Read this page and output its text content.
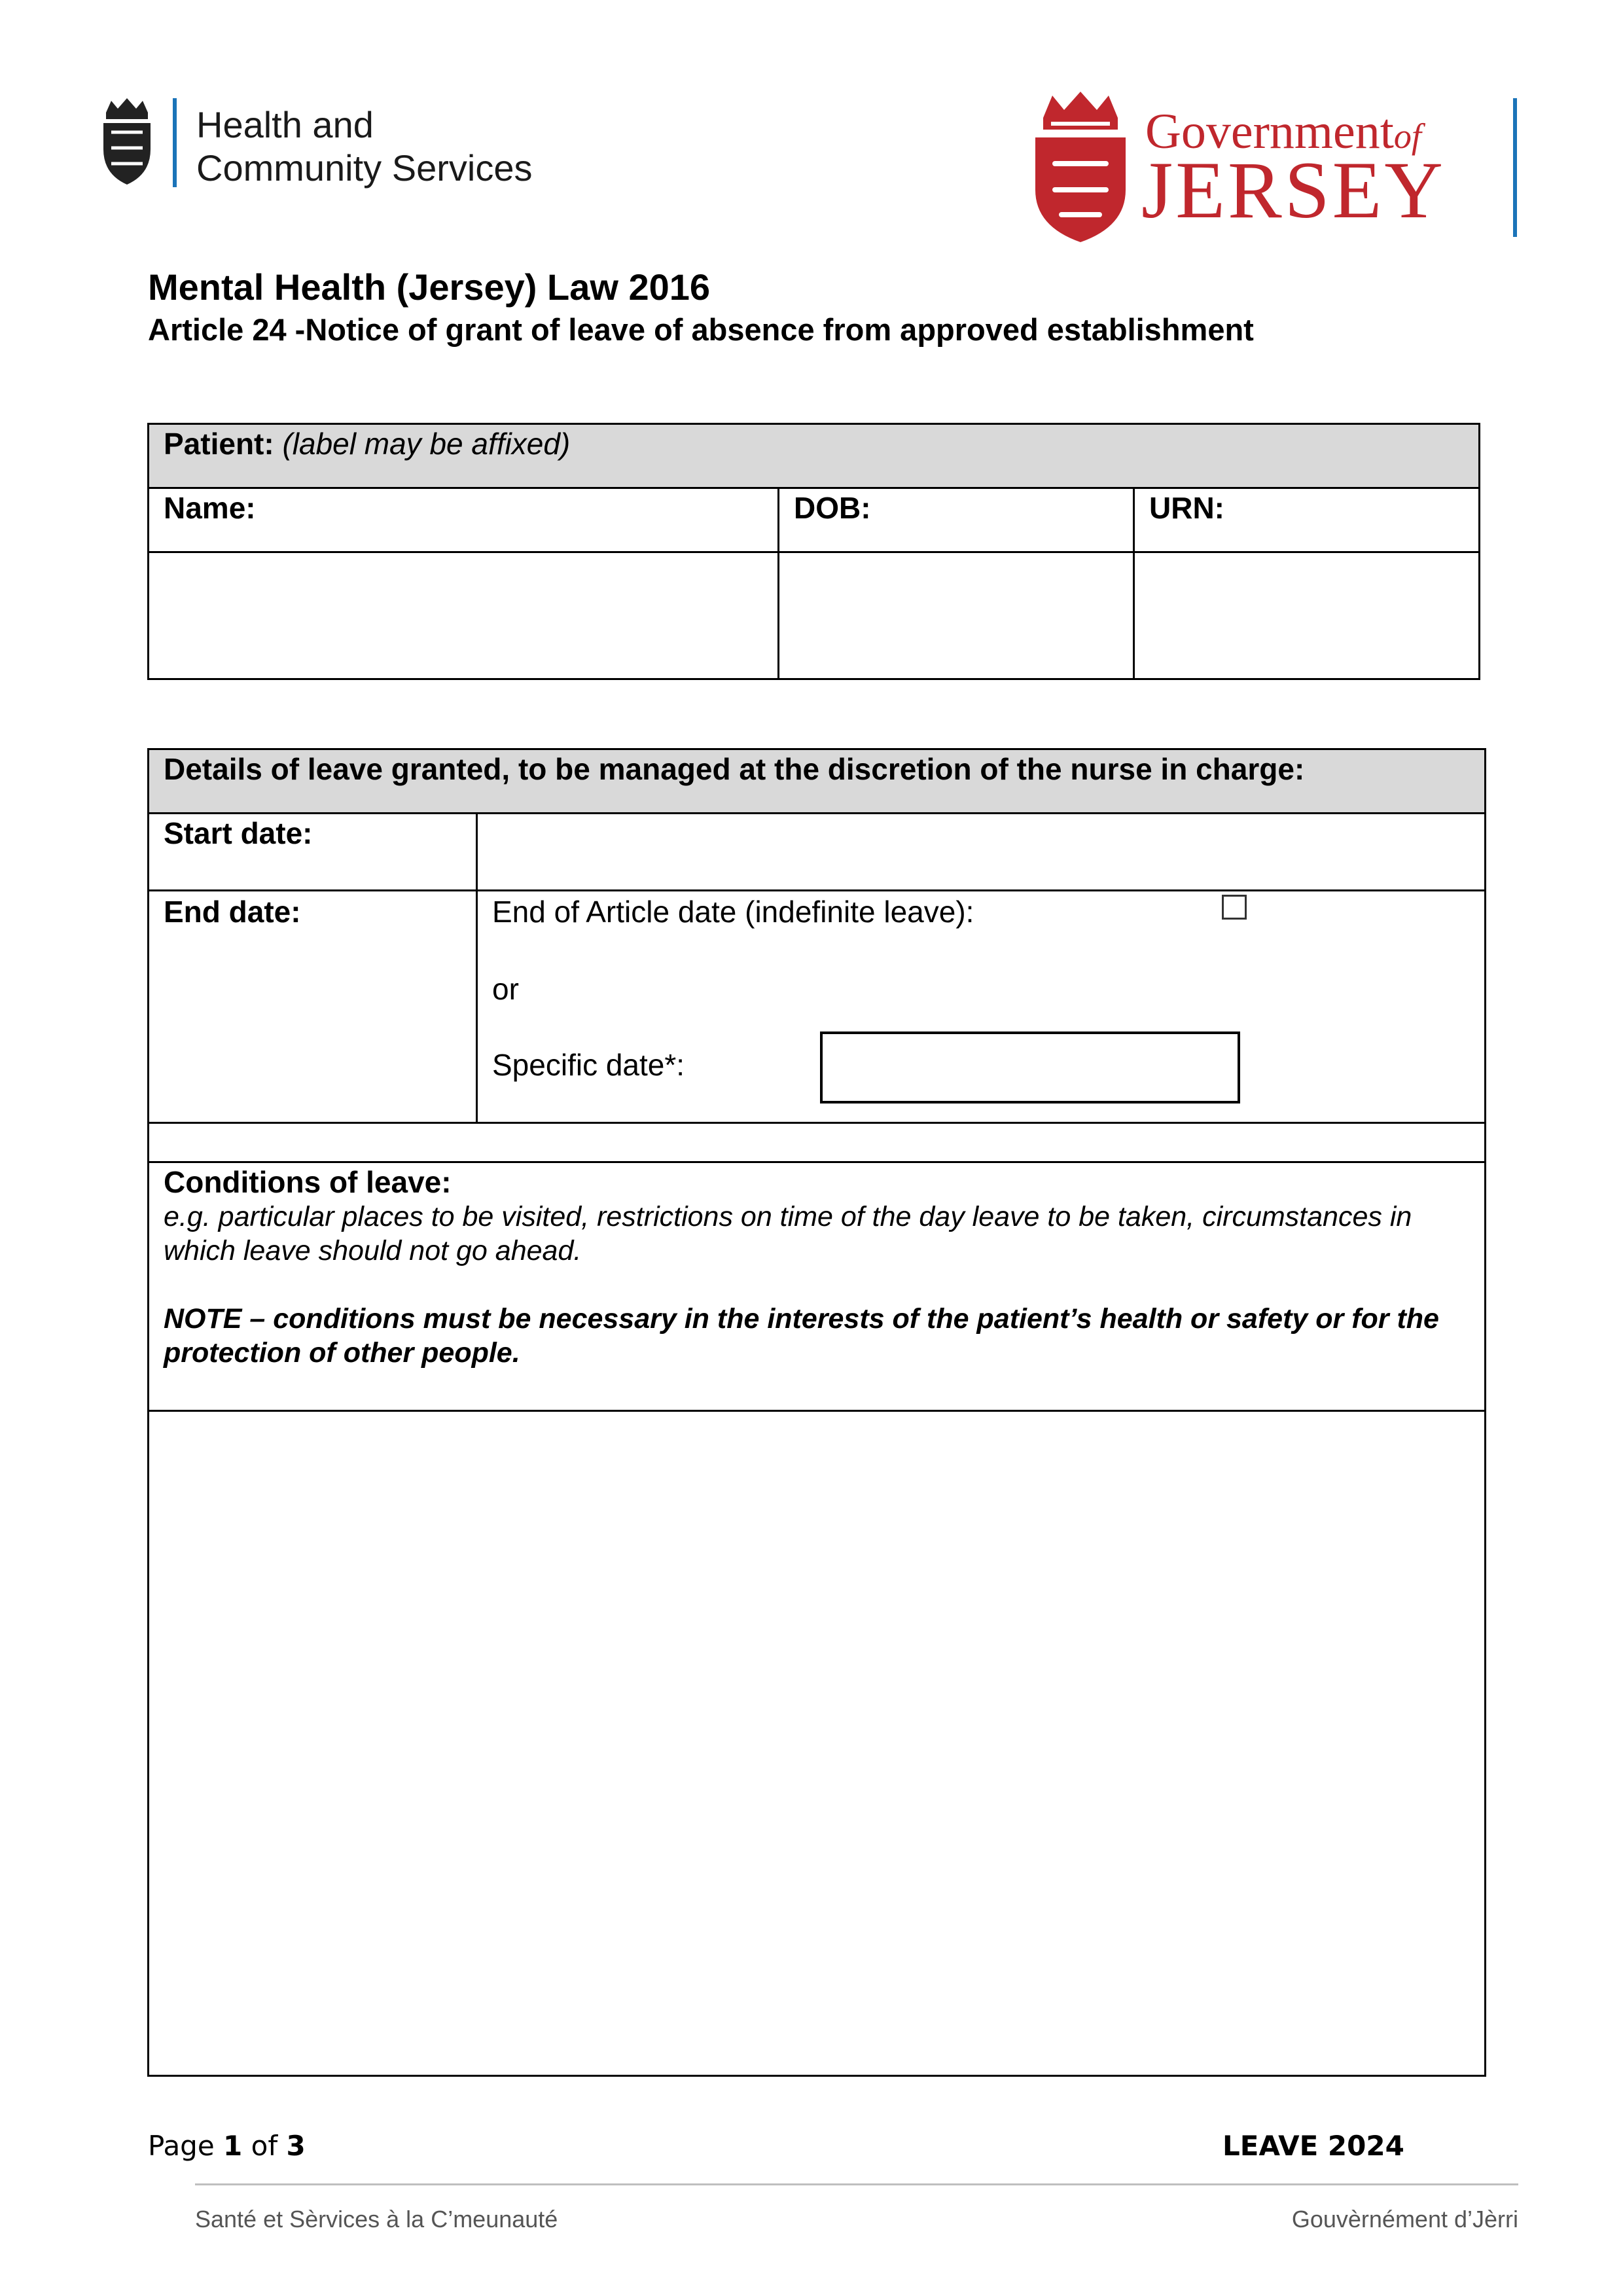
Health and
Community Services
Governmentof
JERSEY
Mental Health (Jersey) Law 2016
Article 24 -Notice of grant of leave of absence from approved establishment
Patient: (label may be affixed)		
Name:	DOB:	URN:

Details of leave granted, to be managed at the discretion of the nurse in charge:	
Start date:	
End date:	End of Article date (indefinite leave):
or
Specific date*:

Conditions of leave:
e.g. particular places to be visited, restrictions on time of the day leave to be taken, circumstances in which leave should not go ahead.
NOTE – conditions must be necessary in the interests of the patient’s health or safety or for the protection of other people.	

Page 1 of 3	LEAVE 2024
Santé et Sèrvices à la C’meunauté	Gouvèrnément d’Jèrri
